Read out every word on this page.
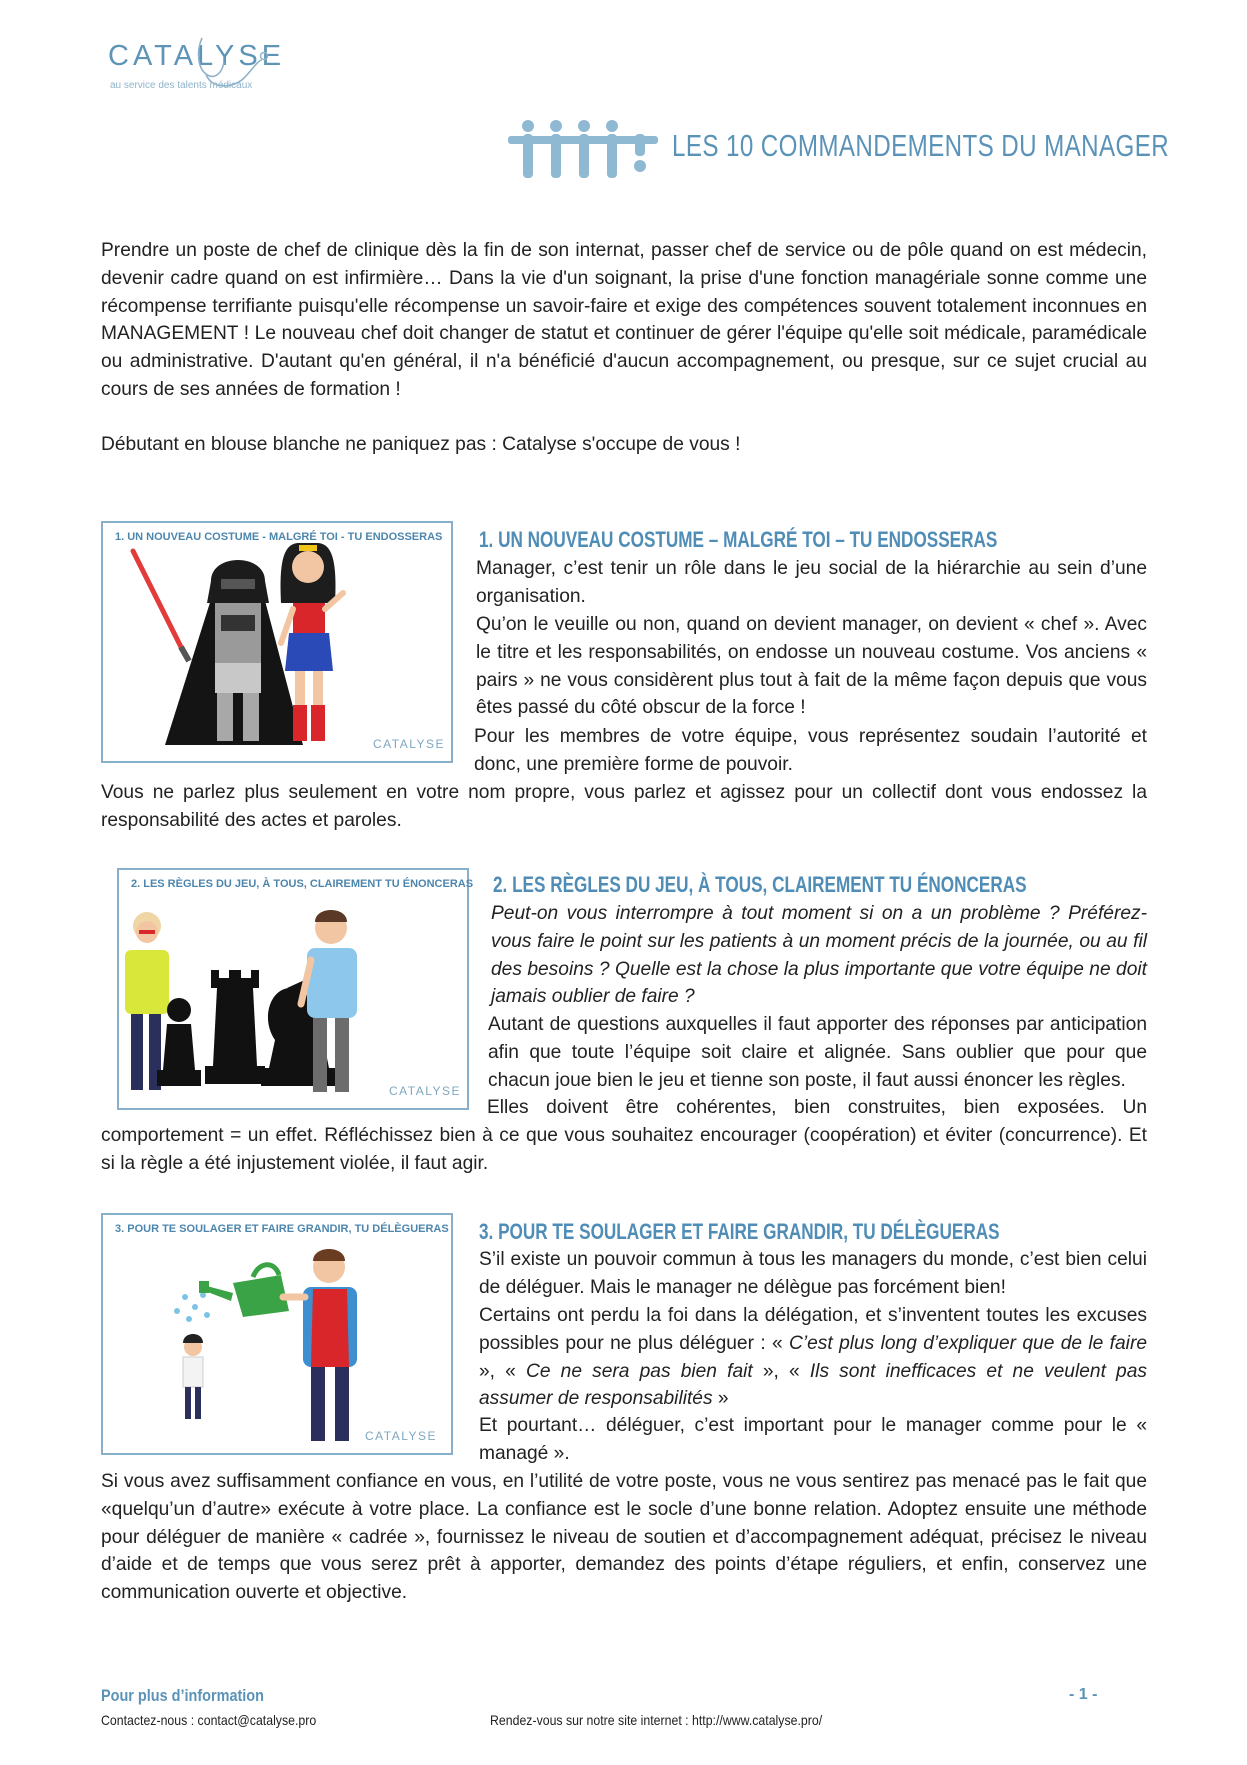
CATALYSE
au service des talents médicaux
LES 10 COMMANDEMENTS DU MANAGER

Prendre un poste de chef de clinique dès la fin de son internat, passer chef de service ou de pôle quand on est médecin, devenir cadre quand on est infirmière… Dans la vie d'un soignant, la prise d'une fonction managériale sonne comme une récompense terrifiante puisqu'elle récompense un savoir-faire et exige des compétences souvent totalement inconnues en MANAGEMENT ! Le nouveau chef doit changer de statut et continuer de gérer l'équipe qu'elle soit médicale, paramédicale ou administrative. D'autant qu'en général, il n'a bénéficié d'aucun accompagnement, ou presque, sur ce sujet crucial au cours de ses années de formation !

Débutant en blouse blanche ne paniquez pas : Catalyse s'occupe de vous !

1. UN NOUVEAU COSTUME - MALGRÉ TOI - TU ENDOSSERAS
CATALYSE
1. UN NOUVEAU COSTUME – MALGRÉ TOI – TU ENDOSSERAS

Manager, c’est tenir un rôle dans le jeu social de la hiérarchie au sein d’une organisation.

Qu’on le veuille ou non, quand on devient manager, on devient « chef ». Avec le titre et les responsabilités, on endosse un nouveau costume. Vos anciens « pairs » ne vous considèrent plus tout à fait de la même façon depuis que vous êtes passé du côté obscur de la force !

Pour les membres de votre équipe, vous représentez soudain l’autorité et donc, une première forme de pouvoir.

Vous ne parlez plus seulement en votre nom propre, vous parlez et agissez pour un collectif dont vous endossez la responsabilité des actes et paroles.

2. LES RÈGLES DU JEU, À TOUS, CLAIREMENT TU ÉNONCERAS
CATALYSE
2. LES RÈGLES DU JEU, À TOUS, CLAIREMENT TU ÉNONCERAS

Peut-on vous interrompre à tout moment si on a un problème ? Préférez-vous faire le point sur les patients à un moment précis de la journée, ou au fil des besoins ? Quelle est la chose la plus importante que votre équipe ne doit jamais oublier de faire ?

Autant de questions auxquelles il faut apporter des réponses par anticipation afin que toute l’équipe soit claire et alignée. Sans oublier que pour que chacun joue bien le jeu et tienne son poste, il faut aussi énoncer les règles.

Elles doivent être cohérentes, bien construites, bien exposées. Un comportement = un effet. Réfléchissez bien à ce que vous souhaitez encourager (coopération) et éviter (concurrence). Et si la règle a été injustement violée, il faut agir.

3. POUR TE SOULAGER ET FAIRE GRANDIR, TU DÉLÈGUERAS
CATALYSE
3. POUR TE SOULAGER ET FAIRE GRANDIR, TU DÉLÈGUERAS

S’il existe un pouvoir commun à tous les managers du monde, c’est bien celui de déléguer. Mais le manager ne délègue pas forcément bien!

Certains ont perdu la foi dans la délégation, et s’inventent toutes les excuses possibles pour ne plus déléguer : « C’est plus long d’expliquer que de le faire », « Ce ne sera pas bien fait », « Ils sont inefficaces et ne veulent pas assumer de responsabilités »

Et pourtant… déléguer, c’est important pour le manager comme pour le « managé ».

Si vous avez suffisamment confiance en vous, en l’utilité de votre poste, vous ne vous sentirez pas menacé pas le fait que «quelqu’un d’autre» exécute à votre place. La confiance est le socle d’une bonne relation. Adoptez ensuite une méthode pour déléguer de manière « cadrée », fournissez le niveau de soutien et d’accompagnement adéquat, précisez le niveau d’aide et de temps que vous serez prêt à apporter, demandez des points d’étape réguliers, et enfin, conservez une communication ouverte et objective.

Pour plus d’information	- 1 -
Contactez-nous : contact@catalyse.pro	Rendez-vous sur notre site internet : http://www.catalyse.pro/
